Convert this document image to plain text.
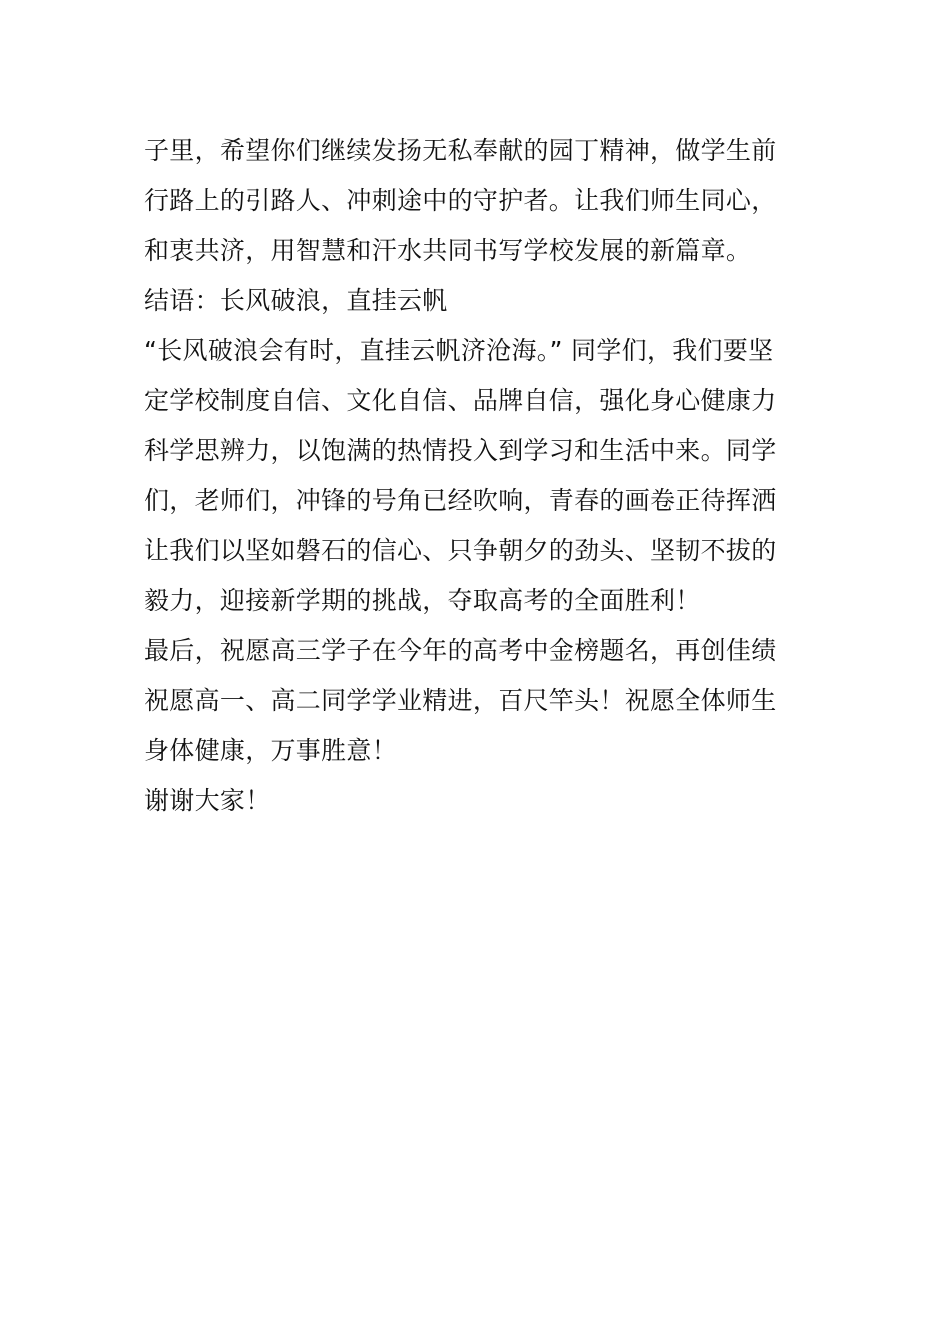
子里，希望你们继续发扬无私奉献的园丁精神，做学生前
行路上的引路人、冲刺途中的守护者。让我们师生同心，
和衷共济，用智慧和汗水共同书写学校发展的新篇章。
结语：长风破浪，直挂云帆
“长风破浪会有时，直挂云帆济沧海。” 同学们，我们要坚
定学校制度自信、文化自信、品牌自信，强化身心健康力
科学思辨力，以饱满的热情投入到学习和生活中来。同学
们，老师们，冲锋的号角已经吹响，青春的画卷正待挥洒
让我们以坚如磐石的信心、只争朝夕的劲头、坚韧不拔的
毅力，迎接新学期的挑战，夺取高考的全面胜利！
最后，祝愿高三学子在今年的高考中金榜题名，再创佳绩
祝愿高一、高二同学学业精进，百尺竿头！祝愿全体师生
身体健康，万事胜意！
谢谢大家！
